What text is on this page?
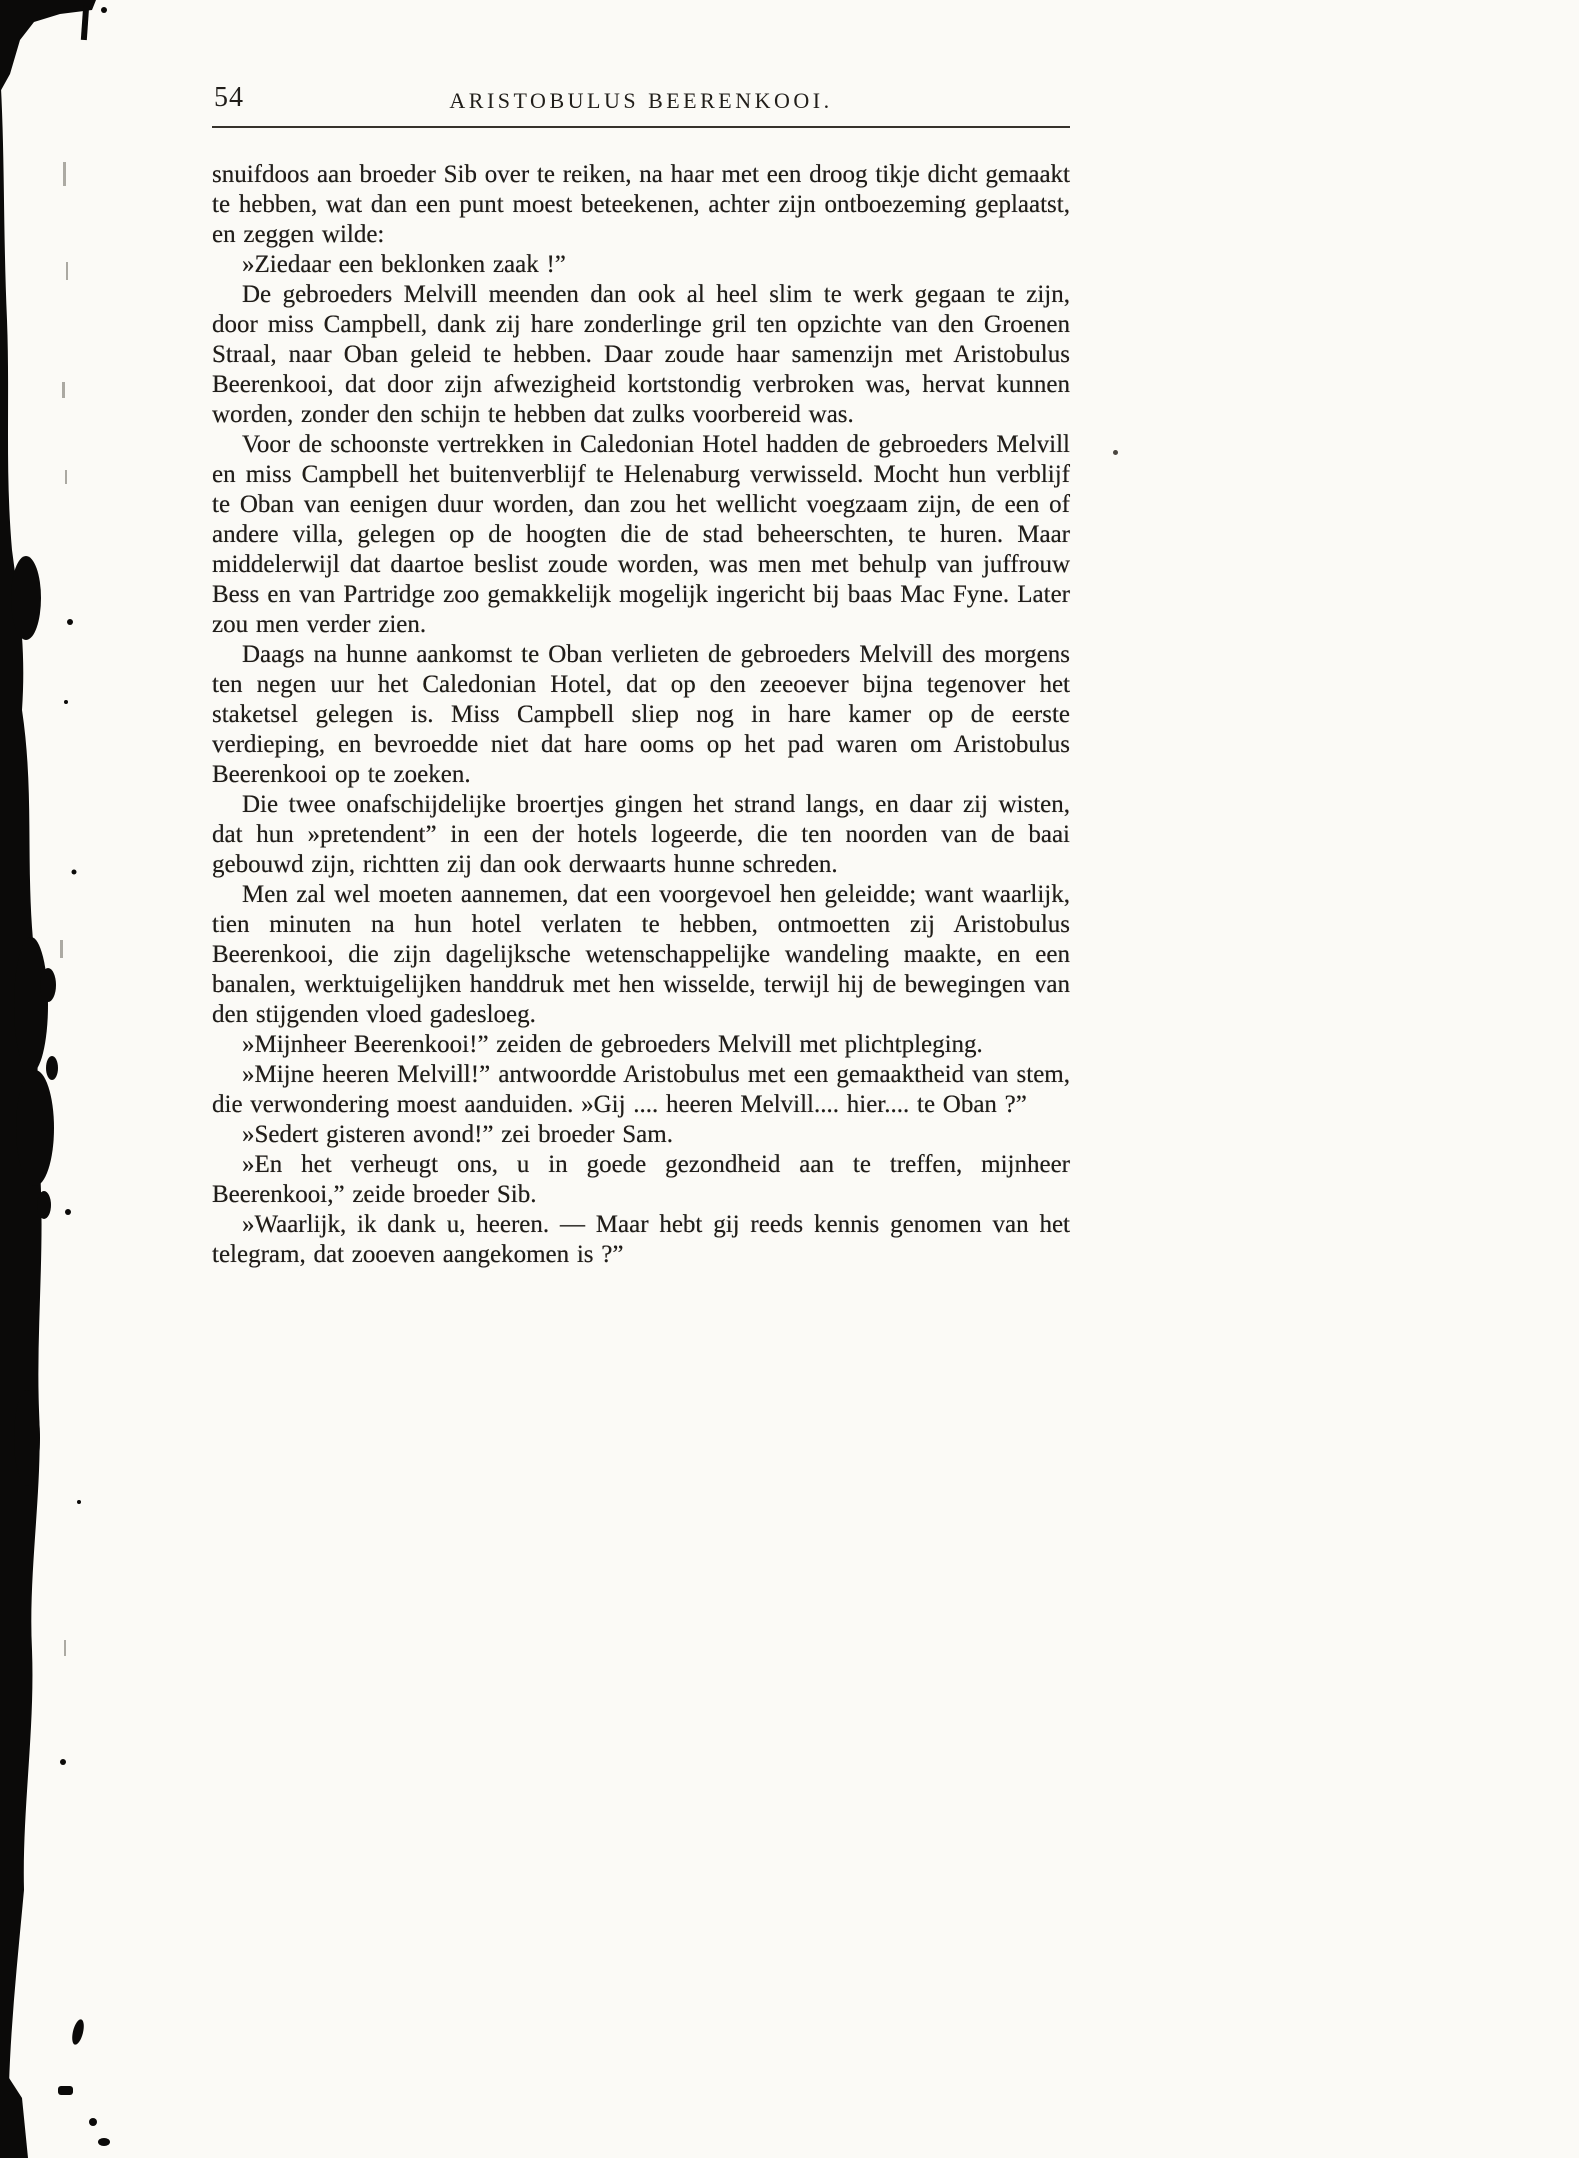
54	ARISTOBULUS BEERENKOOI.

snuifdoos aan broeder Sib over te reiken, na haar met een droog tikje dicht gemaakt te hebben, wat dan een punt moest beteekenen, achter zijn ontboezeming geplaatst, en zeggen wilde:

»Ziedaar een beklonken zaak !”

De gebroeders Melvill meenden dan ook al heel slim te werk gegaan te zijn, door miss Campbell, dank zij hare zonderlinge gril ten opzichte van den Groenen Straal, naar Oban geleid te hebben. Daar zoude haar samenzijn met Aristobulus Beerenkooi, dat door zijn afwezigheid kortstondig verbroken was, hervat kunnen worden, zonder den schijn te hebben dat zulks voorbereid was.

Voor de schoonste vertrekken in Caledonian Hotel hadden de gebroeders Melvill en miss Campbell het buitenverblijf te Helenaburg verwisseld. Mocht hun verblijf te Oban van eenigen duur worden, dan zou het wellicht voegzaam zijn, de een of andere villa, gelegen op de hoogten die de stad beheerschten, te huren. Maar middelerwijl dat daartoe beslist zoude worden, was men met behulp van juffrouw Bess en van Partridge zoo gemakkelijk mogelijk ingericht bij baas Mac Fyne. Later zou men verder zien.

Daags na hunne aankomst te Oban verlieten de gebroeders Melvill des morgens ten negen uur het Caledonian Hotel, dat op den zeeoever bijna tegenover het staketsel gelegen is. Miss Campbell sliep nog in hare kamer op de eerste verdieping, en bevroedde niet dat hare ooms op het pad waren om Aristobulus Beerenkooi op te zoeken.

Die twee onafschijdelijke broertjes gingen het strand langs, en daar zij wisten, dat hun »pretendent” in een der hotels logeerde, die ten noorden van de baai gebouwd zijn, richtten zij dan ook derwaarts hunne schreden.

Men zal wel moeten aannemen, dat een voorgevoel hen geleidde; want waarlijk, tien minuten na hun hotel verlaten te hebben, ontmoetten zij Aristobulus Beerenkooi, die zijn dagelijksche wetenschappelijke wandeling maakte, en een banalen, werktuigelijken handdruk met hen wisselde, terwijl hij de bewegingen van den stijgenden vloed gadesloeg.

»Mijnheer Beerenkooi!” zeiden de gebroeders Melvill met plichtpleging.

»Mijne heeren Melvill!” antwoordde Aristobulus met een gemaaktheid van stem, die verwondering moest aanduiden. »Gij .... heeren Melvill.... hier.... te Oban ?”

»Sedert gisteren avond!” zei broeder Sam.

»En het verheugt ons, u in goede gezondheid aan te treffen, mijnheer Beerenkooi,” zeide broeder Sib.

»Waarlijk, ik dank u, heeren. — Maar hebt gij reeds kennis genomen van het telegram, dat zooeven aangekomen is ?”
